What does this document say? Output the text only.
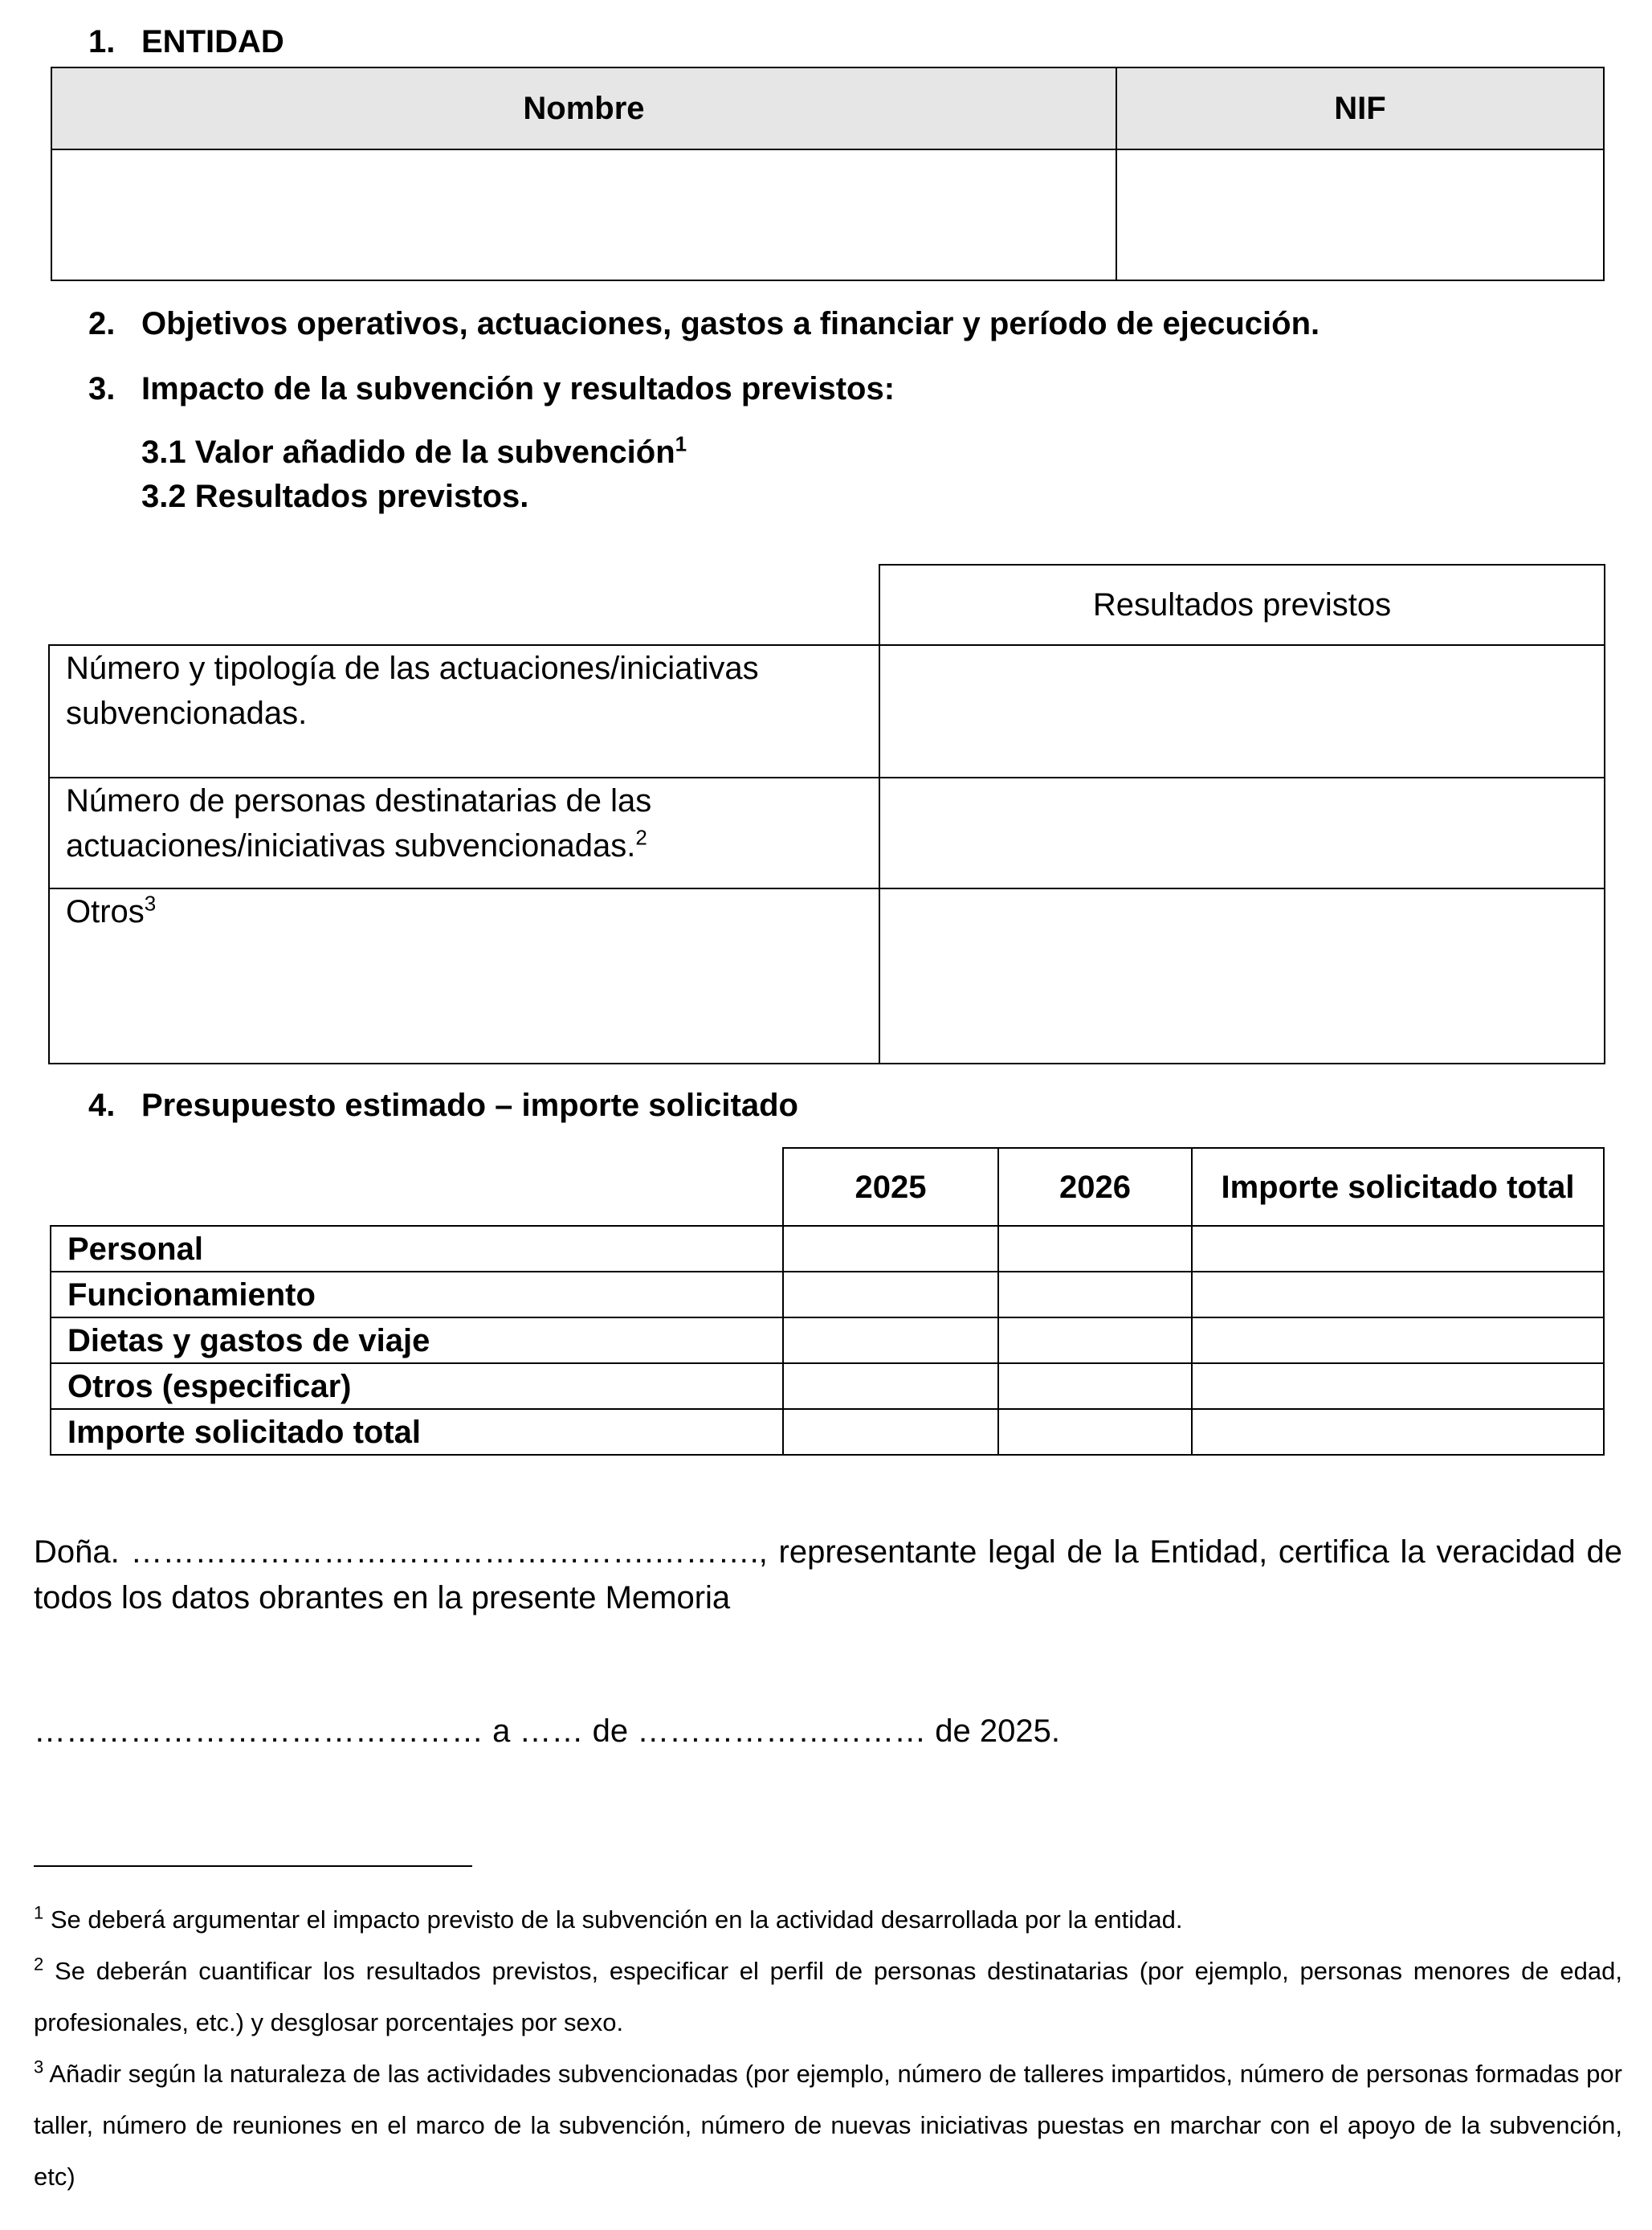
1. ENTIDAD
Nombre	NIF

2. Objetivos operativos, actuaciones, gastos a financiar y período de ejecución.
3. Impacto de la subvención y resultados previstos:
3.1 Valor añadido de la subvención$^1$
3.2 Resultados previstos.
	Resultados previstos
Número y tipología de las actuaciones/iniciativas subvencionadas.	
Número de personas destinatarias de las actuaciones/iniciativas subvencionadas.$^2$	
Otros$^3$	
4. Presupuesto estimado – importe solicitado
	2025	2026	Importe solicitado total
Personal			
Funcionamiento			
Dietas y gastos de viaje			
Otros (especificar)			
Importe solicitado total			
Doña. ………………………………………….………., representante legal de la Entidad, certifica la veracidad de todos los datos obrantes en la presente Memoria
…………………………………… a …… de ……………………… de 2025.
$^1$ Se deberá argumentar el impacto previsto de la subvención en la actividad desarrollada por la entidad.
$^2$ Se deberán cuantificar los resultados previstos, especificar el perfil de personas destinatarias (por ejemplo, personas menores de edad, profesionales, etc.) y desglosar porcentajes por sexo.
$^3$ Añadir según la naturaleza de las actividades subvencionadas (por ejemplo, número de talleres impartidos, número de personas formadas por taller, número de reuniones en el marco de la subvención, número de nuevas iniciativas puestas en marchar con el apoyo de la subvención, etc)
